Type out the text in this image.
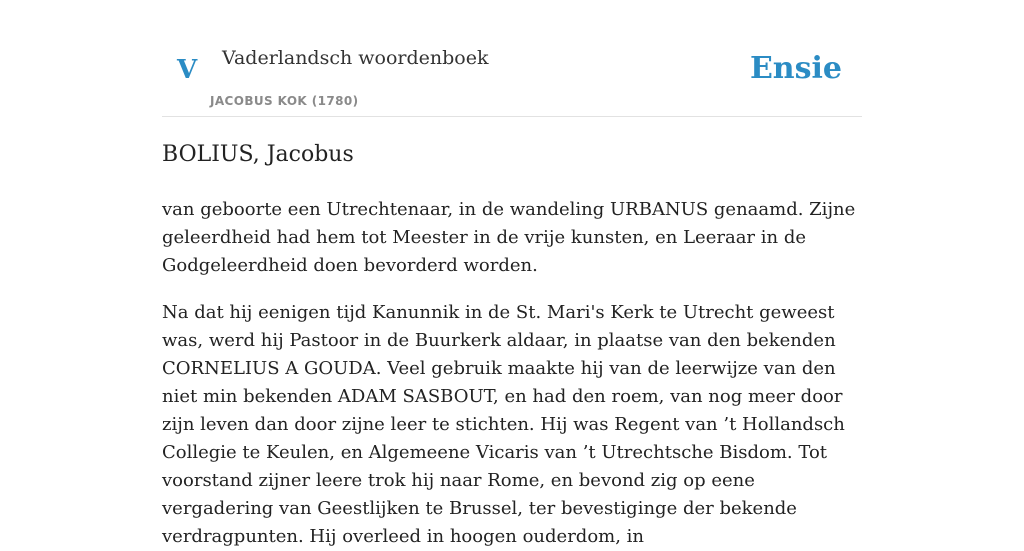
V Vaderlandsch woordenboek
JACOBUS KOK (1780)
Ensie
BOLIUS, Jacobus

van geboorte een Utrechtenaar, in de wandeling URBANUS genaamd. Zijne geleerdheid had hem tot Meester in de vrije kunsten, en Leeraar in de Godgeleerdheid doen bevorderd worden.

Na dat hij eenigen tijd Kanunnik in de St. Mari's Kerk te Utrecht geweest was, werd hij Pastoor in de Buurkerk aldaar, in plaatse van den bekenden CORNELIUS A GOUDA. Veel gebruik maakte hij van de leerwijze van den niet min bekenden ADAM SASBOUT, en had den roem, van nog meer door zijn leven dan door zijne leer te stichten. Hij was Regent van ’t Hollandsch Collegie te Keulen, en Algemeene Vicaris van ’t Utrechtsche Bisdom. Tot voorstand zijner leere trok hij naar Rome, en bevond zig op eene vergadering van Geestlijken te Brussel, ter bevestiginge der bekende verdragpunten. Hij overleed in hoogen ouderdom, in
